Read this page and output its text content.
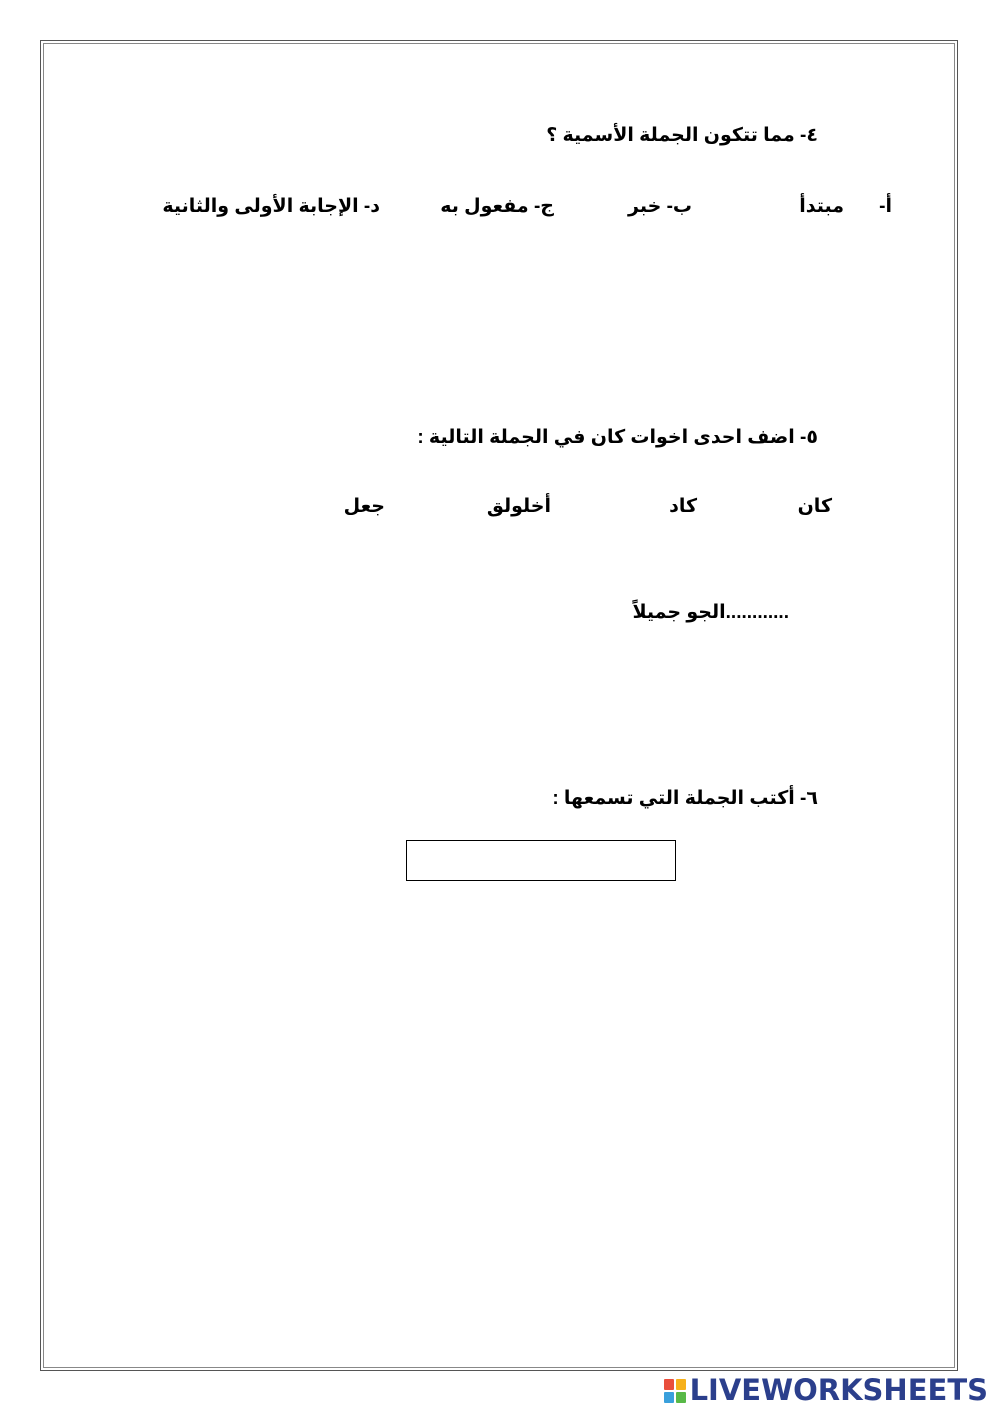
٤- مما تتكون الجملة الأسمية ؟
أ-
مبتدأ
ب- خبر
ج- مفعول به
د- الإجابة الأولى والثانية
٥- اضف احدى اخوات كان في الجملة التالية :
كان
كاد
أخلولق
جعل
............الجو جميلاً
٦- أكتب الجملة التي تسمعها :
LIVEWORKSHEETS
